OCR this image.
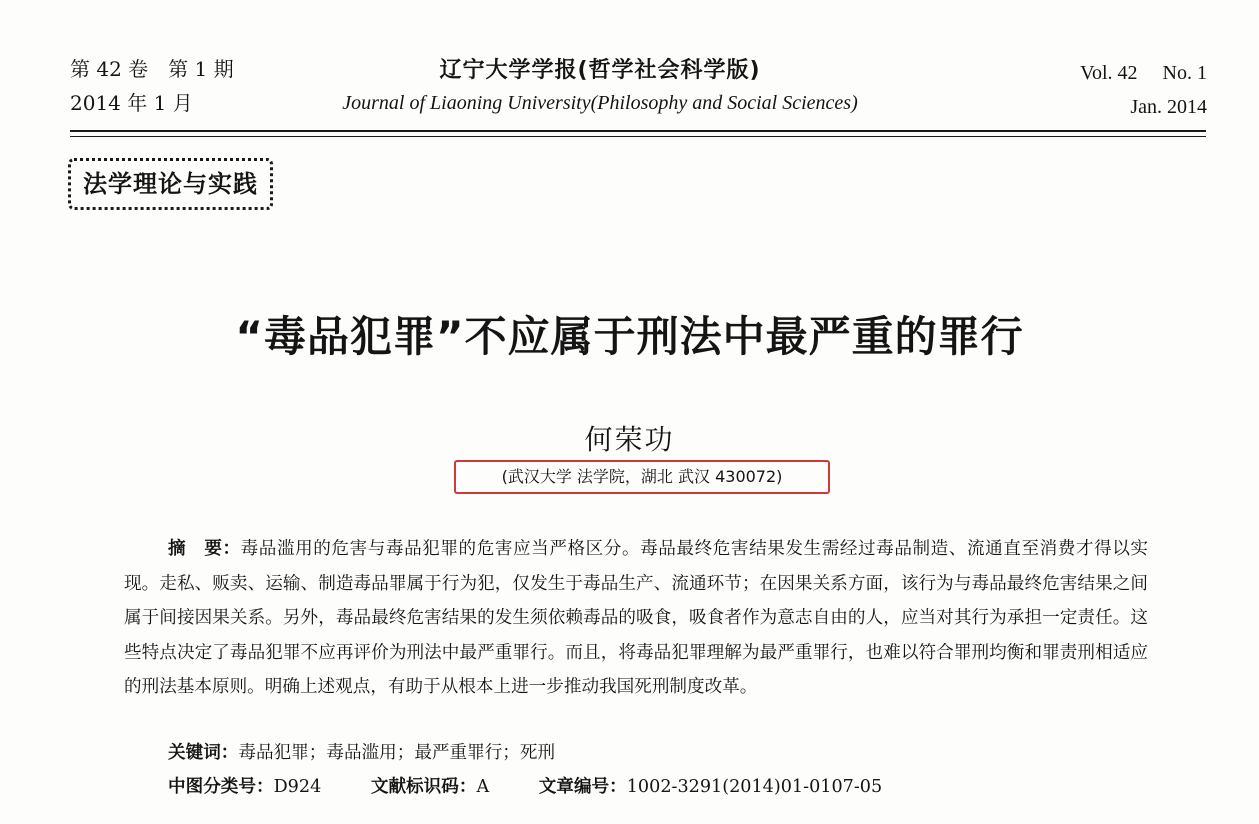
第 42 卷　第 1 期
2014 年 1 月
辽宁大学学报(哲学社会科学版)
Journal of Liaoning University(Philosophy and Social Sciences)
Vol. 42　 No. 1
Jan. 2014
法学理论与实践
“毒品犯罪”不应属于刑法中最严重的罪行
何荣功
(武汉大学 法学院，湖北 武汉 430072)
摘　要：毒品滥用的危害与毒品犯罪的危害应当严格区分。毒品最终危害结果发生需经过毒品制造、流通直至消费才得以实现。走私、贩卖、运输、制造毒品罪属于行为犯，仅发生于毒品生产、流通环节；在因果关系方面，该行为与毒品最终危害结果之间属于间接因果关系。另外，毒品最终危害结果的发生须依赖毒品的吸食，吸食者作为意志自由的人，应当对其行为承担一定责任。这些特点决定了毒品犯罪不应再评价为刑法中最严重罪行。而且，将毒品犯罪理解为最严重罪行，也难以符合罪刑均衡和罪责刑相适应的刑法基本原则。明确上述观点，有助于从根本上进一步推动我国死刑制度改革。
关键词：毒品犯罪；毒品滥用；最严重罪行；死刑
中图分类号：D924	文献标识码：A	文章编号：1002-3291(2014)01-0107-05
